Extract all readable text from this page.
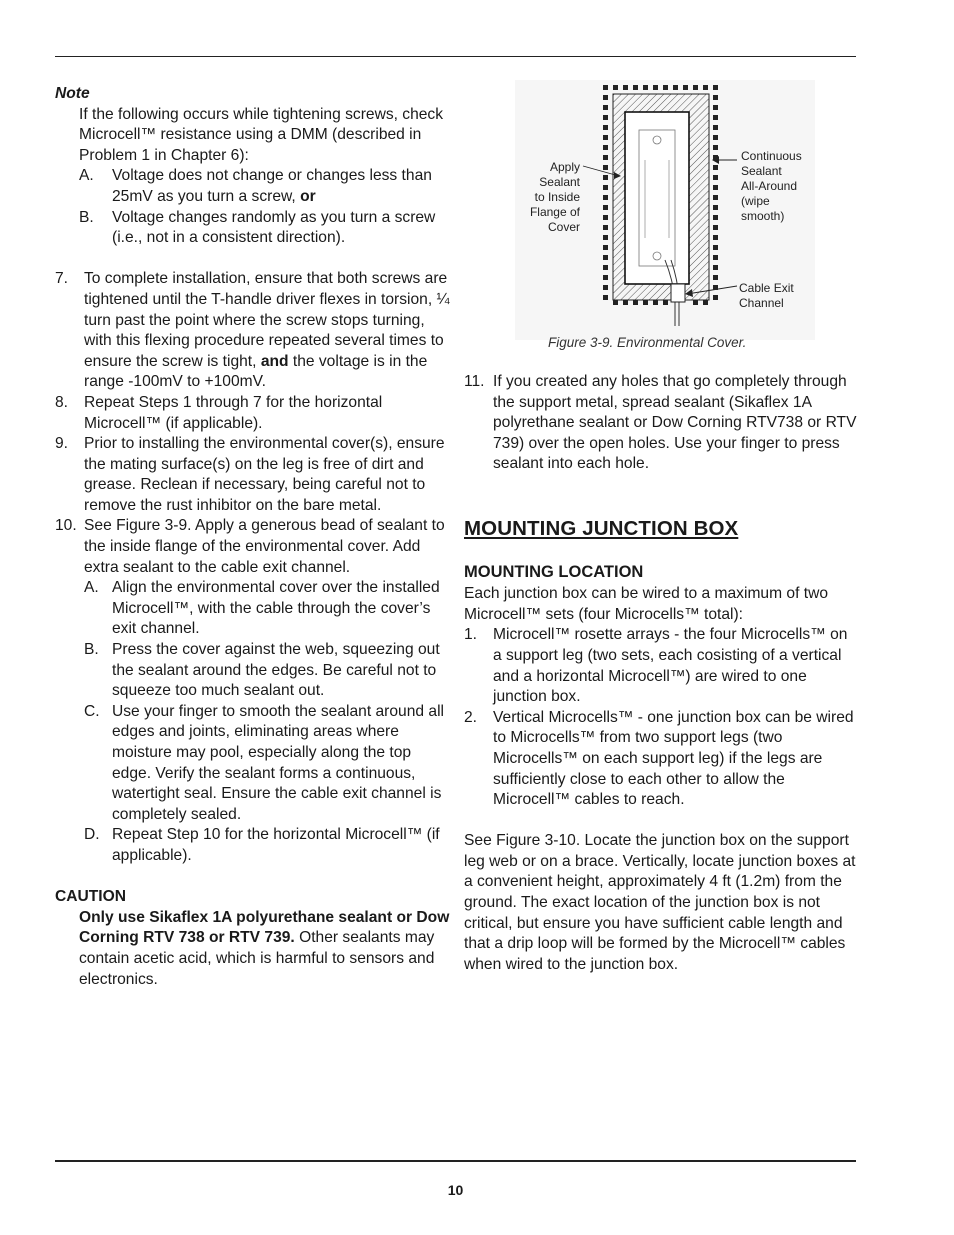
Note
If the following occurs while tightening screws, check Microcell™ resistance using a DMM (described in Problem 1 in Chapter 6):
A. Voltage does not change or changes less than 25mV as you turn a screw, or
B. Voltage changes randomly as you turn a screw (i.e., not in a consistent direction).
7.	To complete installation, ensure that both screws are tightened until the T-handle driver flexes in torsion, ¼ turn past the point where the screw stops turning, with this flexing procedure repeated several times to ensure the screw is tight, and the voltage is in the range -100mV to +100mV.
8.	Repeat Steps 1 through 7 for the horizontal Microcell™ (if applicable).
9.	Prior to installing the environmental cover(s), ensure the mating surface(s) on the leg is free of dirt and grease. Reclean if necessary, being careful not to remove the rust inhibitor on the bare metal.
10. See Figure 3-9. Apply a generous bead of sealant to the inside flange of the environmental cover. Add extra sealant to the cable exit channel.
A. Align the environmental cover over the installed Microcell™, with the cable through the cover’s exit channel.
B. Press the cover against the web, squeezing out the sealant around the edges. Be careful not to squeeze too much sealant out.
C. Use your finger to smooth the sealant around all edges and joints, eliminating areas where moisture may pool, especially along the top edge. Verify the sealant forms a continuous, watertight seal. Ensure the cable exit channel is completely sealed.
D. Repeat Step 10 for the horizontal Microcell™ (if applicable).
CAUTION
Only use Sikaflex 1A polyurethane sealant or Dow Corning RTV 738 or RTV 739. Other sealants may contain acetic acid, which is harmful to sensors and electronics.
Apply
Sealant
to Inside
Flange of
Cover
Continuous
Sealant
All-Around
(wipe
smooth)
Cable Exit
Channel
Figure 3-9. Environmental Cover.
11. If you created any holes that go completely through the support metal, spread sealant (Sikaflex 1A polyrethane sealant or Dow Corning RTV738 or RTV 739) over the open holes. Use your finger to press sealant into each hole.
MOUNTING JUNCTION BOX
MOUNTING LOCATION
Each junction box can be wired to a maximum of two Microcell™ sets (four Microcells™ total):
1.	Microcell™ rosette arrays - the four Microcells™ on a support leg (two sets, each cosisting of a vertical and a horizontal Microcell™) are wired to one junction box.
2.	Vertical Microcells™ - one junction box can be wired to Microcells™ from two support legs (two Microcells™ on each support leg) if the legs are sufficiently close to each other to allow the Microcell™ cables to reach.
See Figure 3-10. Locate the junction box on the support leg web or on a brace. Vertically, locate junction boxes at a convenient height, approximately 4 ft (1.2m) from the ground. The exact location of the junction box is not critical, but ensure you have sufficient cable length and that a drip loop will be formed by the Microcell™ cables when wired to the junction box.
10
